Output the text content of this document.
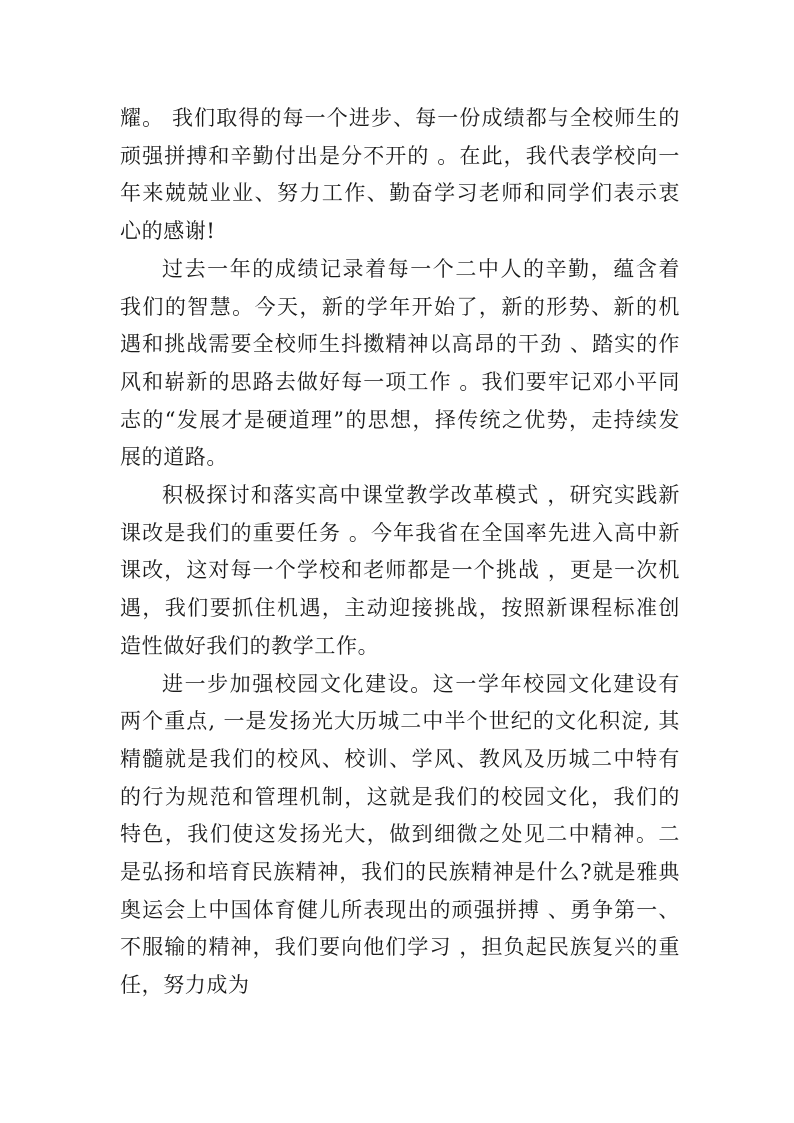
耀。 我们取得的每一个进步、每一份成绩都与全校师生的顽强拼搏和辛勤付出是分不开的 。在此，我代表学校向一年来兢兢业业、努力工作、勤奋学习老师和同学们表示衷心的感谢!

过去一年的成绩记录着每一个二中人的辛勤，蕴含着我们的智慧。今天，新的学年开始了，新的形势、新的机遇和挑战需要全校师生抖擞精神以高昂的干劲 、踏实的作风和崭新的思路去做好每一项工作 。我们要牢记邓小平同志的“发展才是硬道理”的思想，择传统之优势，走持续发展的道路。

积极探讨和落实高中课堂教学改革模式 ，研究实践新课改是我们的重要任务 。今年我省在全国率先进入高中新课改，这对每一个学校和老师都是一个挑战 ，更是一次机遇，我们要抓住机遇，主动迎接挑战，按照新课程标准创造性做好我们的教学工作。

进一步加强校园文化建设。这一学年校园文化建设有两个重点, 一是发扬光大历城二中半个世纪的文化积淀, 其精髓就是我们的校风、校训、学风、教风及历城二中特有的行为规范和管理机制，这就是我们的校园文化，我们的特色，我们使这发扬光大，做到细微之处见二中精神。二是弘扬和培育民族精神，我们的民族精神是什么?就是雅典奥运会上中国体育健儿所表现出的顽强拼搏 、勇争第一、不服输的精神，我们要向他们学习 ，担负起民族复兴的重任，努力成为
